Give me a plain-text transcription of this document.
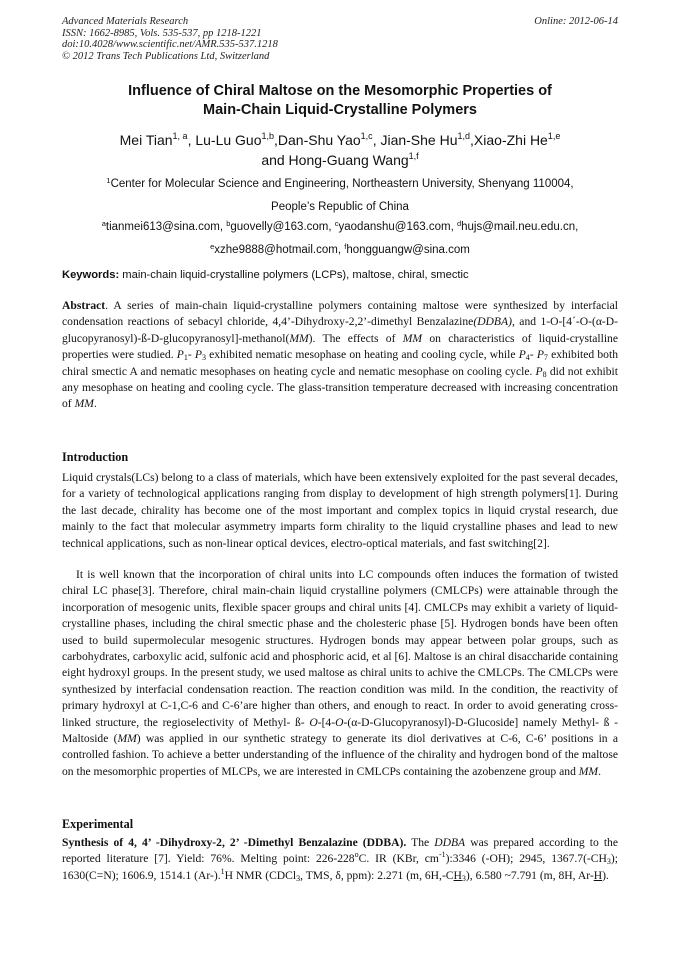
Advanced Materials Research
ISSN: 1662-8985, Vols. 535-537, pp 1218-1221
doi:10.4028/www.scientific.net/AMR.535-537.1218
© 2012 Trans Tech Publications Ltd, Switzerland
Online: 2012-06-14
Influence of Chiral Maltose on the Mesomorphic Properties of
Main-Chain Liquid-Crystalline Polymers
Mei Tian$^{1, a}$, Lu-Lu Guo$^{1,b}$,Dan-Shu Yao$^{1,c}$, Jian-She Hu$^{1,d}$,Xiao-Zhi He$^{1,e}$
and Hong-Guang Wang$^{1,f}$
$^1$Center for Molecular Science and Engineering, Northeastern University, Shenyang 110004,
People’s Republic of China
$^a$tianmei613@sina.com, $^b$guovelly@163.com, $^c$yaodanshu@163.com, $^d$hujs@mail.neu.edu.cn,
$^e$xzhe9888@hotmail.com, $^f$hongguangw@sina.com
Keywords: main-chain liquid-crystalline polymers (LCPs), maltose, chiral, smectic
Abstract. A series of main-chain liquid-crystalline polymers containing maltose were synthesized by interfacial condensation reactions of sebacyl chloride, 4,4’-Dihydroxy-2,2’-dimethyl Benzalazine(DDBA), and 1-O-[4´-O-(α-D-glucopyranosyl)-ß-D-glucopyranosyl]-methanol(MM). The effects of MM on characteristics of liquid-crystalline properties were studied. $P_1-$ $P_3$ exhibited nematic mesophase on heating and cooling cycle, while $P_4-$ $P_7$ exhibited both chiral smectic A and nematic mesophases on heating cycle and nematic mesophase on cooling cycle. $P_8$ did not exhibit any mesophase on heating and cooling cycle. The glass-transition temperature decreased with increasing concentration of MM.
Introduction
Liquid crystals(LCs) belong to a class of materials, which have been extensively exploited for the past several decades, for a variety of technological applications ranging from display to development of high strength polymers[1]. During the last decade, chirality has become one of the most important and complex topics in liquid crystal research, due mainly to the fact that molecular asymmetry imparts form chirality to the liquid crystalline phases and lead to new technical applications, such as non-linear optical devices, electro-optical materials, and fast switching[2].
It is well known that the incorporation of chiral units into LC compounds often induces the formation of twisted chiral LC phase[3]. Therefore, chiral main-chain liquid crystalline polymers (CMLCPs) were attainable through the incorporation of mesogenic units, flexible spacer groups and chiral units [4]. CMLCPs may exhibit a variety of liquid-crystalline phases, including the chiral smectic phase and the cholesteric phase [5]. Hydrogen bonds have been often used to build supermolecular mesogenic structures. Hydrogen bonds may appear between polar groups, such as carbohydrates, carboxylic acid, sulfonic acid and phosphoric acid, et al [6]. Maltose is an chiral disaccharide containing eight hydroxyl groups. In the present study, we used maltose as chiral units to achive the CMLCPs. The CMLCPs were synthesized by interfacial condensation reaction. The reaction condition was mild. In the condition, the reactivity of primary hydroxyl at C-1,C-6 and C-6’are higher than others, and enough to react. In order to avoid generating cross-linked structure, the regioselectivity of Methyl- ß- O-[4-O-(α-D-Glucopyranosyl)-D-Glucoside] namely Methyl- ß -Maltoside (MM) was applied in our synthetic strategy to generate its diol derivatives at C-6, C-6’ positions in a controlled fashion. To achieve a better understanding of the influence of the chirality and hydrogen bond of the maltose on the mesomorphic properties of MLCPs, we are interested in CMLCPs containing the azobenzene group and MM.
Experimental
Synthesis of 4, 4’ -Dihydroxy-2, 2’ -Dimethyl Benzalazine (DDBA). The DDBA was prepared according to the reported literature [7]. Yield: 76%. Melting point: 226-228$^o$C. IR (KBr, $cm^{-1}):3346$ (-OH); 2945, $1367.7(-CH_3)$; 1630(C=N); 1606.9, 1514.1 (Ar-).$^1$H NMR (CDCl$_3$, TMS, δ, ppm): 2.271 (m, $6H,-CH_3$), 6.580 ~7.791 (m, 8H, Ar-H).
